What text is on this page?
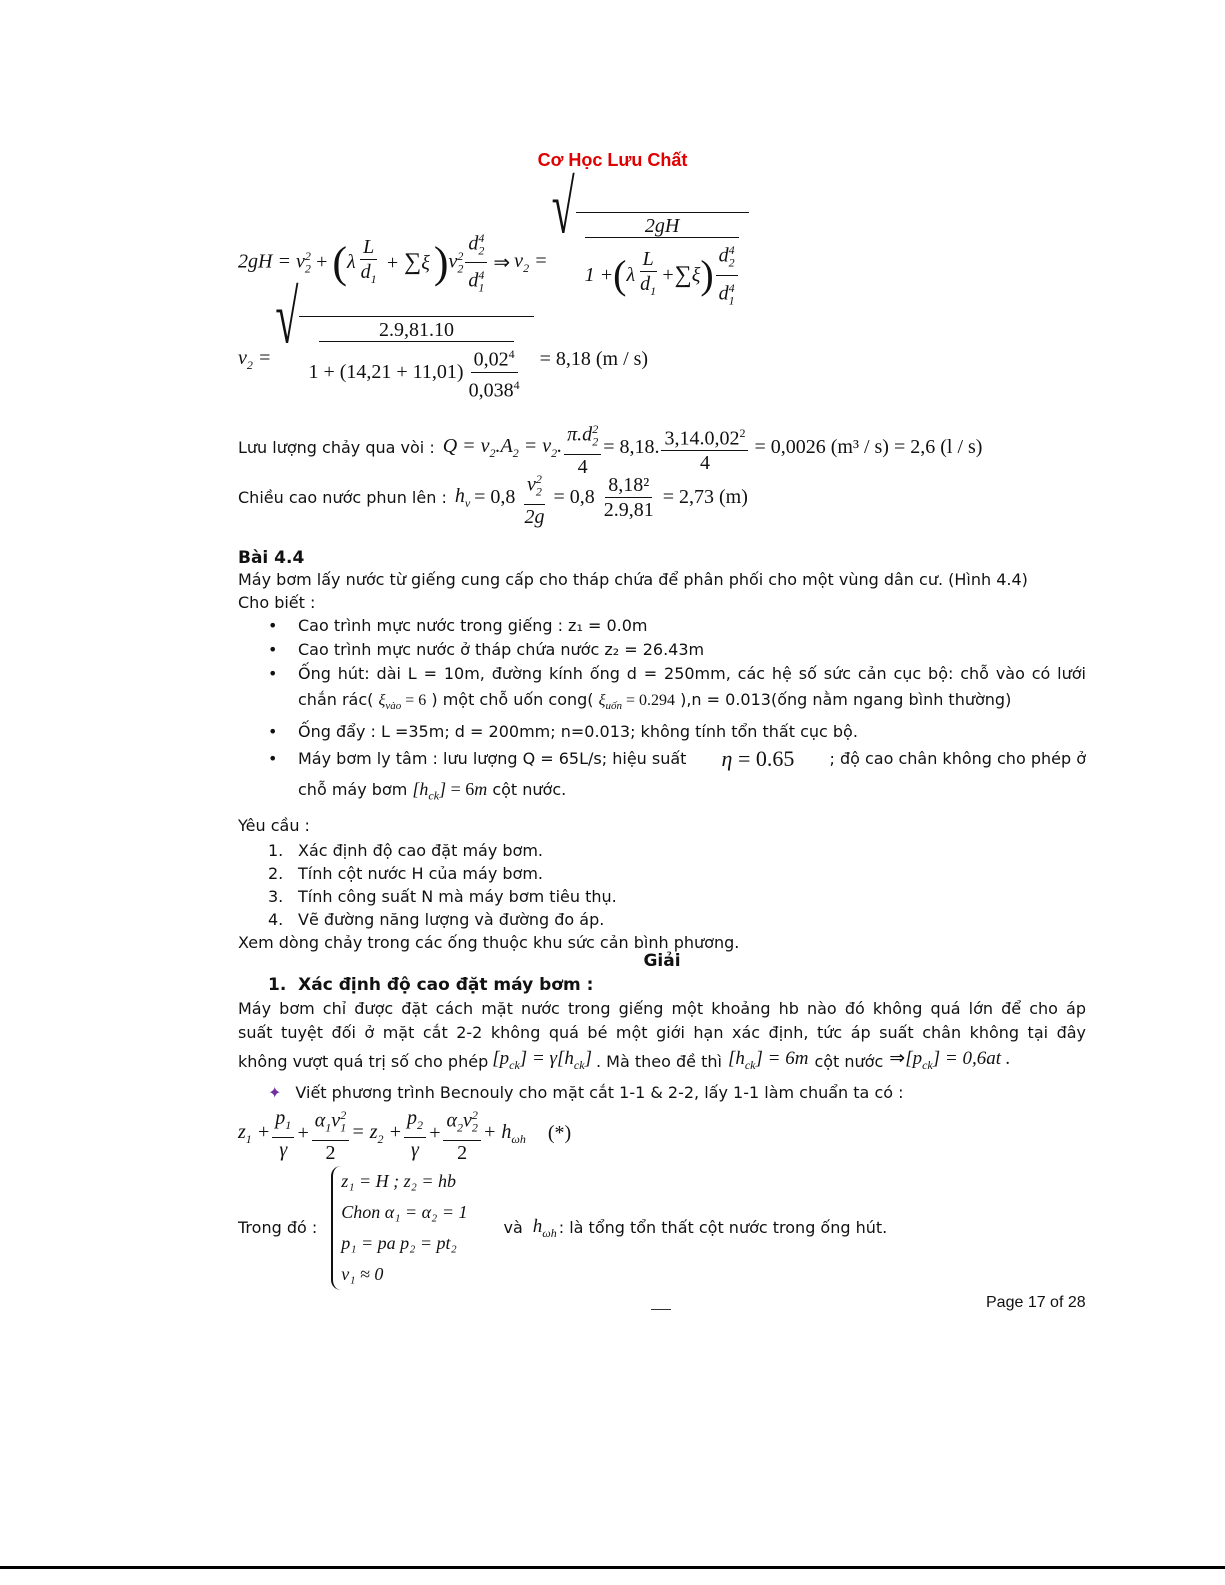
Cơ Học Lưu Chất
$2gH = v_2^2$ + ( λ $\frac{L}{d_1} + \sum\xi$ ) $v_2^2 \frac{d_2^4}{d_1^4}$ ⇒ $v_2$ =
√
$\frac{2gH}{1 + ( \lambda \frac{L}{d_1} + \sum \xi ) \frac{d_2^4}{d_1^4}}$
$v_2$ = √ $\frac{2.9,81.10}{1 + (14,21 + 11,01) \frac{0,02^4}{0,038^4}} = 8,18$ (m / s)
Lưu lượng chảy qua vòi : $Q = v_2.A_2 = v_2$. $\frac{\pi.d_2^2}{4} = 8,18$. $\frac{3,14.0,02^2}{4} = 0,0026$ (m³ / s) = 2,6 (l / s)
Chiều cao nước phun lên : $h_v = 0,8 \frac{v_2^2}{2g} = 0,8 \frac{\text{8,18²}}{2.9,81} = 2,73$ (m)
Bài 4.4
Máy bơm lấy nước từ giếng cung cấp cho tháp chứa để phân phối cho một vùng dân cư. (Hình 4.4)
Cho biết :
• Cao trình mực nước trong giếng : z₁ = 0.0m
• Cao trình mực nước ở tháp chứa nước z₂ = 26.43m
• Ống hút: dài L = 10m, đường kính ống d = 250mm, các hệ số sức cản cục bộ: chỗ vào có lưới
chắn rác( $\xi_{vào} = 6$ ) một chỗ uốn cong( $\xi_{uốn} = 0.294$ ),n = 0.013(ống nằm ngang bình thường)
• Ống đẩy : L =35m; d = 200mm; n=0.013; không tính tổn thất cục bộ.
• Máy bơm ly tâm : lưu lượng Q = 65L/s; hiệu suất η = 0.65 ; độ cao chân không cho phép ở
chỗ máy bơm $[h_{ck}] = 6m$ cột nước.
Yêu cầu :
1. Xác định độ cao đặt máy bơm.
2. Tính cột nước H của máy bơm.
3. Tính công suất N mà máy bơm tiêu thụ.
4. Vẽ đường năng lượng và đường đo áp.
Xem dòng chảy trong các ống thuộc khu sức cản bình phương.
Giải
1. Xác định độ cao đặt máy bơm :
Máy bơm chỉ được đặt cách mặt nước trong giếng một khoảng hb nào đó không quá lớn để cho áp
suất tuyệt đối ở mặt cắt 2-2 không quá bé một giới hạn xác định, tức áp suất chân không tại đây
không vượt quá trị số cho phép $[p_{ck}] = \gamma[h_{ck}]$ . Mà theo đề thì $[h_{ck}] = 6m$ cột nước $\Rightarrow[p_{ck}] = 0,6at$ .
✦ Viết phương trình Becnouly cho mặt cắt 1-1 & 2-2, lấy 1-1 làm chuẩn ta có :
$z_1 + \frac{p_1}{\gamma} + \frac{\alpha_1v_1^2}{2} = z_2 + \frac{p_2}{\gamma} + \frac{\alpha_2v_2^2}{2} + h_{\omega h}$ (*)
Trong đó :
z₁ = H ; z₂ = hb
Chon α₁ = α₂ = 1
p₁ = pa p₂ = pt₂
v₁ ≈ 0
và $h_{\omega h}$ : là tổng tổn thất cột nước trong ống hút.
Page 17 of 28
